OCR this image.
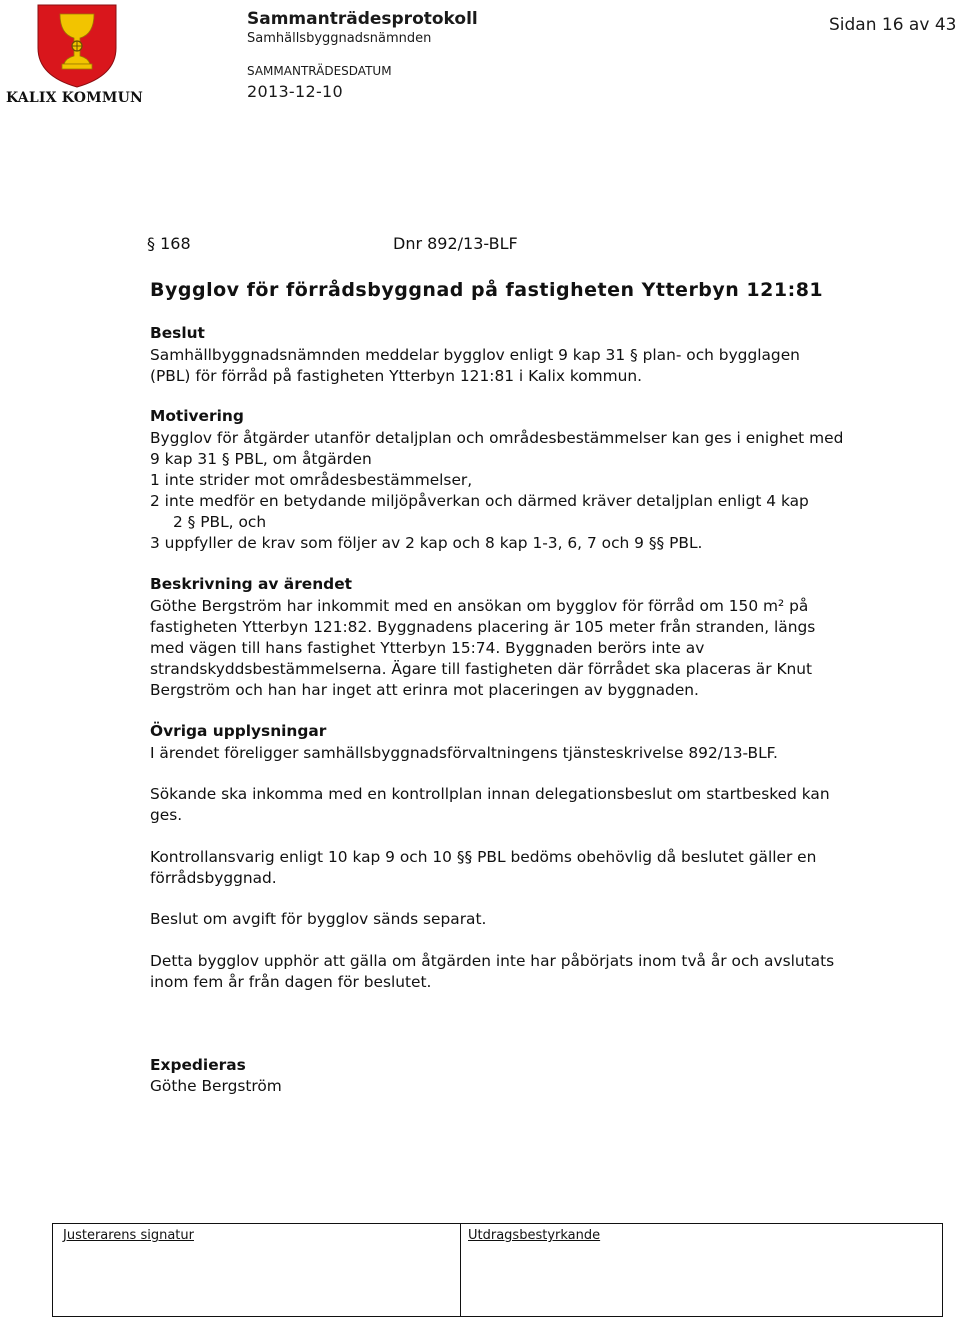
KALIX KOMMUN
Sammanträdesprotokoll
Samhällsbyggnadsnämnden
SAMMANTRÄDESDATUM
2013-12-10
Sidan 16 av 43
§ 168	Dnr 892/13-BLF
Bygglov för förrådsbyggnad på fastigheten Ytterbyn 121:81
Beslut
Samhällbyggnadsnämnden meddelar bygglov enligt 9 kap 31 § plan- och bygglagen
(PBL) för förråd på fastigheten Ytterbyn 121:81 i Kalix kommun.
Motivering
Bygglov för åtgärder utanför detaljplan och områdesbestämmelser kan ges i enighet med
9 kap 31 § PBL, om åtgärden
1 inte strider mot områdesbestämmelser,
2 inte medför en betydande miljöpåverkan och därmed kräver detaljplan enligt 4 kap
2 § PBL, och
3 uppfyller de krav som följer av 2 kap och 8 kap 1-3, 6, 7 och 9 §§ PBL.
Beskrivning av ärendet
Göthe Bergström har inkommit med en ansökan om bygglov för förråd om 150 m² på
fastigheten Ytterbyn 121:82. Byggnadens placering är 105 meter från stranden, längs
med vägen till hans fastighet Ytterbyn 15:74. Byggnaden berörs inte av
strandskyddsbestämmelserna. Ägare till fastigheten där förrådet ska placeras är Knut
Bergström och han har inget att erinra mot placeringen av byggnaden.
Övriga upplysningar
I ärendet föreligger samhällsbyggnadsförvaltningens tjänsteskrivelse 892/13-BLF.
Sökande ska inkomma med en kontrollplan innan delegationsbeslut om startbesked kan
ges.
Kontrollansvarig enligt 10 kap 9 och 10 §§ PBL bedöms obehövlig då beslutet gäller en
förrådsbyggnad.
Beslut om avgift för bygglov sänds separat.
Detta bygglov upphör att gälla om åtgärden inte har påbörjats inom två år och avslutats
inom fem år från dagen för beslutet.
Expedieras
Göthe Bergström
Justerarens signatur	Utdragsbestyrkande
